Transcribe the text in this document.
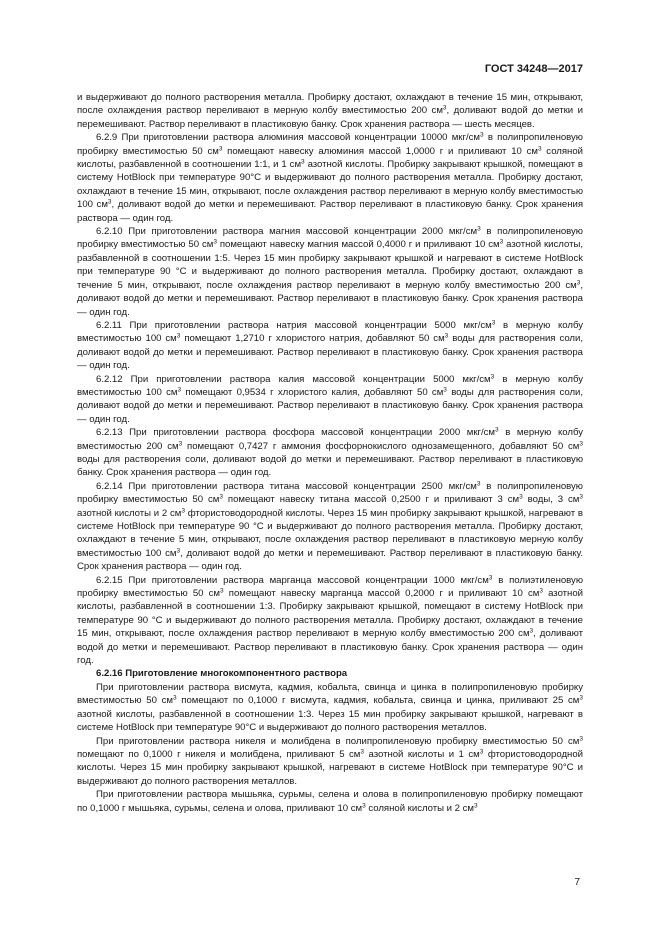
ГОСТ 34248—2017

и выдерживают до полного растворения металла. Пробирку достают, охлаждают в течение 15 мин, открывают, после охлаждения раствор переливают в мерную колбу вместимостью 200 $см^3$, доливают водой до метки и перемешивают. Раствор переливают в пластиковую банку. Срок хранения раствора — шесть месяцев.

6.2.9 При приготовлении раствора алюминия массовой концентрации 10000 мкг/$см^3$ в полипропиленовую пробирку вместимостью 50 $см^3$ помещают навеску алюминия массой 1,0000 г и приливают 10 $см^3$ соляной кислоты, разбавленной в соотношении 1:1, и 1 $см^3$ азотной кислоты. Пробирку закрывают крышкой, помещают в систему HotBlock при температуре 90°C и выдерживают до полного растворения металла. Пробирку достают, охлаждают в течение 15 мин, открывают, после охлаждения раствор переливают в мерную колбу вместимостью 100 $см^3$, доливают водой до метки и перемешивают. Раствор переливают в пластиковую банку. Срок хранения раствора — один год.

6.2.10 При приготовлении раствора магния массовой концентрации 2000 мкг/$см^3$ в полипропиленовую пробирку вместимостью 50 $см^3$ помещают навеску магния массой 0,4000 г и приливают 10 $см^3$ азотной кислоты, разбавленной в соотношении 1:5. Через 15 мин пробирку закрывают крышкой и нагревают в системе HotBlock при температуре 90 °C и выдерживают до полного растворения металла. Пробирку достают, охлаждают в течение 5 мин, открывают, после охлаждения раствор переливают в мерную колбу вместимостью 200 $см^3$, доливают водой до метки и перемешивают. Раствор переливают в пластиковую банку. Срок хранения раствора — один год.

6.2.11 При приготовлении раствора натрия массовой концентрации 5000 мкг/$см^3$ в мерную колбу вместимостью 100 $см^3$ помещают 1,2710 г хлористого натрия, добавляют 50 $см^3$ воды для растворения соли, доливают водой до метки и перемешивают. Раствор переливают в пластиковую банку. Срок хранения раствора — один год.

6.2.12 При приготовлении раствора калия массовой концентрации 5000 мкг/$см^3$ в мерную колбу вместимостью 100 $см^3$ помещают 0,9534 г хлористого калия, добавляют 50 $см^3$ воды для растворения соли, доливают водой до метки и перемешивают. Раствор переливают в пластиковую банку. Срок хранения раствора — один год.

6.2.13 При приготовлении раствора фосфора массовой концентрации 2000 мкг/$см^3$ в мерную колбу вместимостью 200 $см^3$ помещают 0,7427 г аммония фосфорнокислого однозамещенного, добавляют 50 $см^3$ воды для растворения соли, доливают водой до метки и перемешивают. Раствор переливают в пластиковую банку. Срок хранения раствора — один год.

6.2.14 При приготовлении раствора титана массовой концентрации 2500 мкг/$см^3$ в полипропиленовую пробирку вместимостью 50 $см^3$ помещают навеску титана массой 0,2500 г и приливают 3 $см^3$ воды, 3 $см^3$ азотной кислоты и 2 $см^3$ фтористоводородной кислоты. Через 15 мин пробирку закрывают крышкой, нагревают в системе HotBlock при температуре 90 °C и выдерживают до полного растворения металла. Пробирку достают, охлаждают в течение 5 мин, открывают, после охлаждения раствор переливают в пластиковую мерную колбу вместимостью 100 $см^3$, доливают водой до метки и перемешивают. Раствор переливают в пластиковую банку. Срок хранения раствора — один год.

6.2.15 При приготовлении раствора марганца массовой концентрации 1000 мкг/$см^3$ в полиэтиленовую пробирку вместимостью 50 $см^3$ помещают навеску марганца массой 0,2000 г и приливают 10 $см^3$ азотной кислоты, разбавленной в соотношении 1:3. Пробирку закрывают крышкой, помещают в систему HotBlock при температуре 90 °C и выдерживают до полного растворения металла. Пробирку достают, охлаждают в течение 15 мин, открывают, после охлаждения раствор переливают в мерную колбу вместимостью 200 $см^3$, доливают водой до метки и перемешивают. Раствор переливают в пластиковую банку. Срок хранения раствора — один год.

6.2.16 Приготовление многокомпонентного раствора

При приготовлении раствора висмута, кадмия, кобальта, свинца и цинка в полипропиленовую пробирку вместимостью 50 $см^3$ помещают по 0,1000 г висмута, кадмия, кобальта, свинца и цинка, приливают 25 $см^3$ азотной кислоты, разбавленной в соотношении 1:3. Через 15 мин пробирку закрывают крышкой, нагревают в системе HotBlock при температуре 90°C и выдерживают до полного растворения металлов.

При приготовлении раствора никеля и молибдена в полипропиленовую пробирку вместимостью 50 $см^3$ помещают по 0,1000 г никеля и молибдена, приливают 5 $см^3$ азотной кислоты и 1 $см^3$ фтористоводородной кислоты. Через 15 мин пробирку закрывают крышкой, нагревают в системе HotBlock при температуре 90°C и выдерживают до полного растворения металлов.

При приготовлении раствора мышьяка, сурьмы, селена и олова в полипропиленовую пробирку помещают по 0,1000 г мышьяка, сурьмы, селена и олова, приливают 10 $см^3$ соляной кислоты и 2 $см^3$

7
